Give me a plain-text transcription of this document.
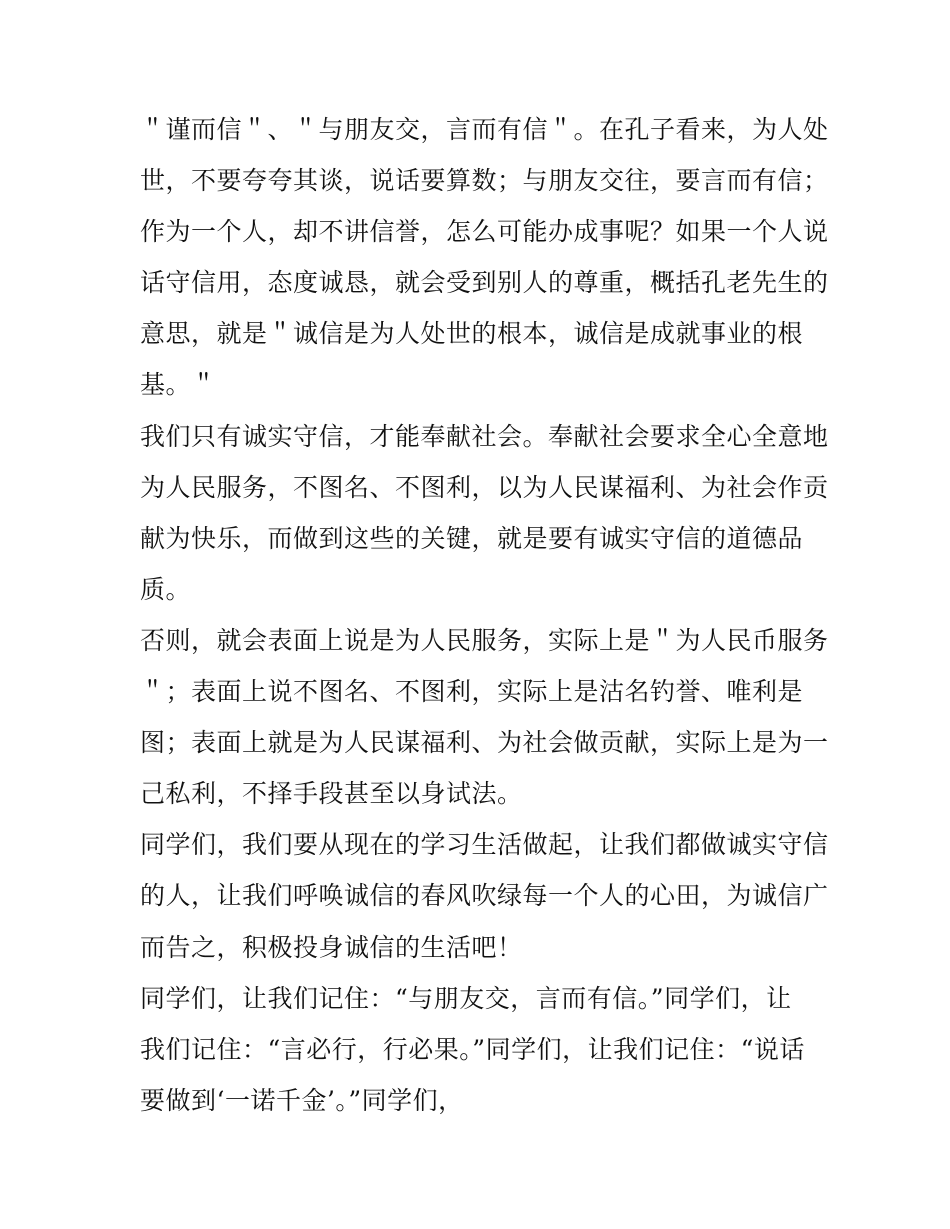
＂谨而信＂、＂与朋友交，言而有信＂。在孔子看来，为人处
世，不要夸夸其谈，说话要算数；与朋友交往，要言而有信；
作为一个人，却不讲信誉，怎么可能办成事呢？如果一个人说
话守信用，态度诚恳，就会受到别人的尊重，概括孔老先生的
意思，就是＂诚信是为人处世的根本，诚信是成就事业的根
基。＂

我们只有诚实守信，才能奉献社会。奉献社会要求全心全意地
为人民服务，不图名、不图利，以为人民谋福利、为社会作贡
献为快乐，而做到这些的关键，就是要有诚实守信的道德品
质。

否则，就会表面上说是为人民服务，实际上是＂为人民币服务
＂；表面上说不图名、不图利，实际上是沽名钓誉、唯利是
图；表面上就是为人民谋福利、为社会做贡献，实际上是为一
己私利，不择手段甚至以身试法。

同学们，我们要从现在的学习生活做起，让我们都做诚实守信
的人，让我们呼唤诚信的春风吹绿每一个人的心田，为诚信广
而告之，积极投身诚信的生活吧！

同学们，让我们记住：“与朋友交，言而有信。”同学们，让
我们记住：“言必行，行必果。”同学们，让我们记住：“说话
要做到‘一诺千金’。”同学们，
